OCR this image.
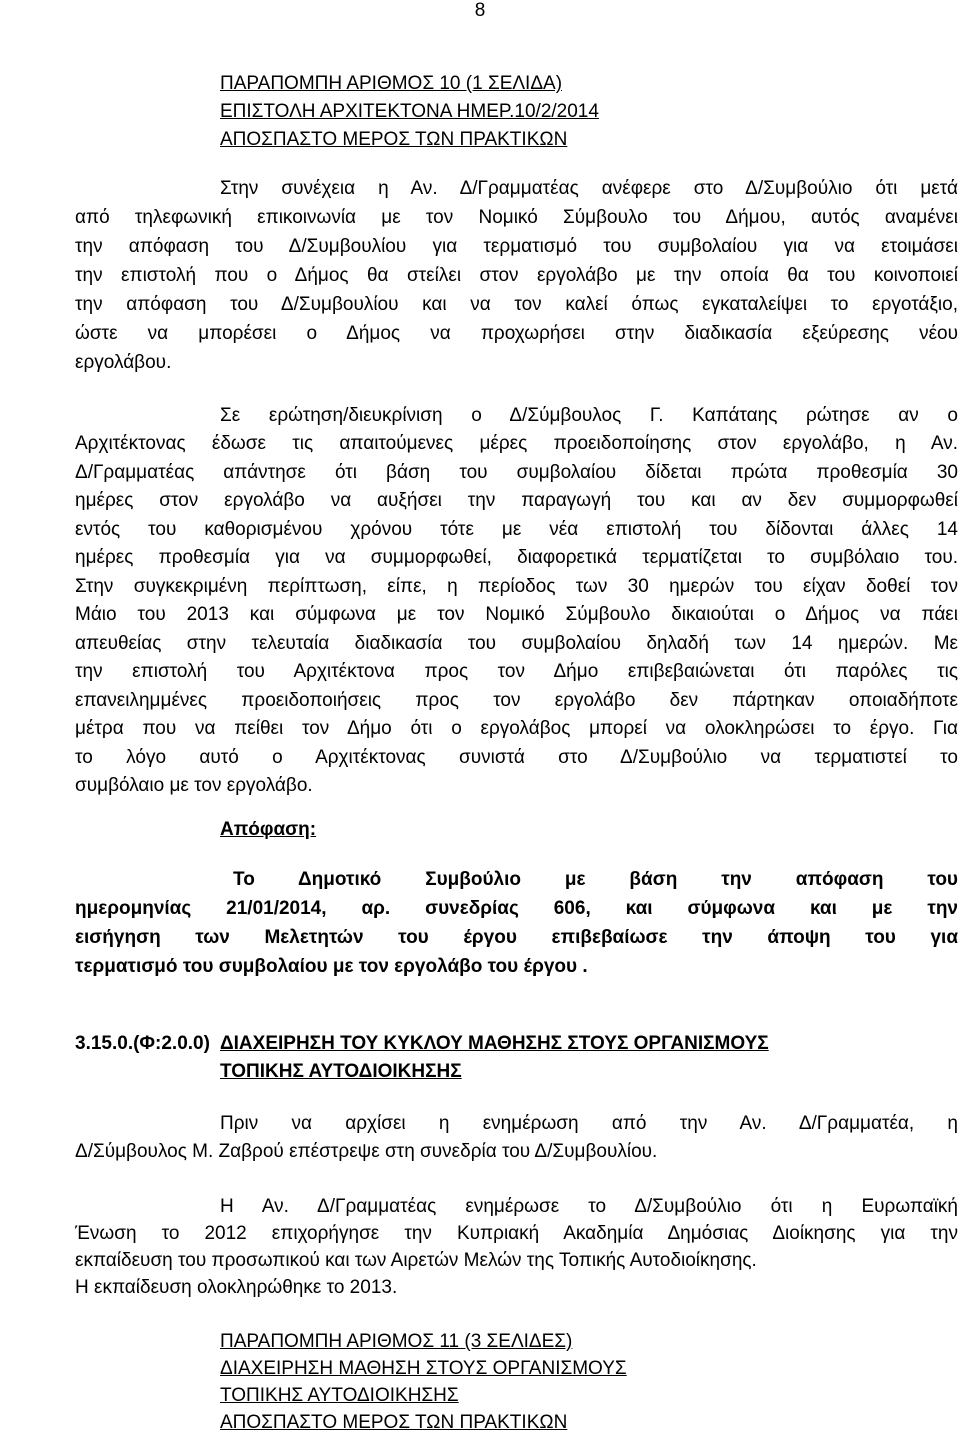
8
ΠΑΡΑΠΟΜΠΗ ΑΡΙΘΜΟΣ 10 (1 ΣΕΛΙΔΑ)
ΕΠΙΣΤΟΛΗ ΑΡΧΙΤΕΚΤΟΝΑ ΗΜΕΡ.10/2/2014
ΑΠΟΣΠΑΣΤΟ ΜΕΡΟΣ ΤΩΝ ΠΡΑΚΤΙΚΩΝ
Στην συνέχεια η Αν. Δ/Γραμματέας ανέφερε στο Δ/Συμβούλιο ότι μετά
από τηλεφωνική επικοινωνία με τον Νομικό Σύμβουλο του Δήμου, αυτός αναμένει
την απόφαση του Δ/Συμβουλίου για τερματισμό του συμβολαίου για να ετοιμάσει
την επιστολή που ο Δήμος θα στείλει στον εργολάβο με την οποία θα του κοινοποιεί
την απόφαση του Δ/Συμβουλίου και να τον καλεί όπως εγκαταλείψει το εργοτάξιο,
ώστε να μπορέσει ο Δήμος να προχωρήσει στην διαδικασία εξεύρεσης νέου
εργολάβου.
Σε ερώτηση/διευκρίνιση ο Δ/Σύμβουλος Γ. Καπάταης ρώτησε αν ο
Αρχιτέκτονας έδωσε τις απαιτούμενες μέρες προειδοποίησης στον εργολάβο, η Αν.
Δ/Γραμματέας απάντησε ότι βάση του συμβολαίου δίδεται πρώτα προθεσμία 30
ημέρες στον εργολάβο να αυξήσει την παραγωγή του και αν δεν συμμορφωθεί
εντός του καθορισμένου χρόνου τότε με νέα επιστολή του δίδονται άλλες 14
ημέρες προθεσμία για να συμμορφωθεί, διαφορετικά τερματίζεται το συμβόλαιο του.
Στην συγκεκριμένη περίπτωση, είπε, η περίοδος των 30 ημερών του είχαν δοθεί τον
Μάιο του 2013 και σύμφωνα με τον Νομικό Σύμβουλο δικαιούται ο Δήμος να πάει
απευθείας στην τελευταία διαδικασία του συμβολαίου δηλαδή των 14 ημερών. Με
την επιστολή του Αρχιτέκτονα προς τον Δήμο επιβεβαιώνεται ότι παρόλες τις
επανειλημμένες προειδοποιήσεις προς τον εργολάβο δεν πάρτηκαν οποιαδήποτε
μέτρα που να πείθει τον Δήμο ότι ο εργολάβος μπορεί να ολοκληρώσει το έργο. Για
το λόγο αυτό ο Αρχιτέκτονας συνιστά στο Δ/Συμβούλιο να τερματιστεί το
συμβόλαιο με τον εργολάβο.
Απόφαση:
Το Δημοτικό Συμβούλιο με βάση την απόφαση του
ημερομηνίας 21/01/2014, αρ. συνεδρίας 606, και σύμφωνα και με την
εισήγηση των Μελετητών του έργου επιβεβαίωσε την άποψη του για
τερματισμό του συμβολαίου με τον εργολάβο του έργου .
3.15.0.(Φ:2.0.0) ΔΙΑΧΕΙΡΗΣΗ ΤΟΥ ΚΥΚΛΟΥ ΜΑΘΗΣΗΣ ΣΤΟΥΣ ΟΡΓΑΝΙΣΜΟΥΣ
ΤΟΠΙΚΗΣ ΑΥΤΟΔΙΟΙΚΗΣΗΣ
Πριν να αρχίσει η ενημέρωση από την Αν. Δ/Γραμματέα, η
Δ/Σύμβουλος Μ. Ζαβρού επέστρεψε στη συνεδρία του Δ/Συμβουλίου.
Η Αν. Δ/Γραμματέας ενημέρωσε το Δ/Συμβούλιο ότι η Ευρωπαϊκή
Ένωση το 2012 επιχορήγησε την Κυπριακή Ακαδημία Δημόσιας Διοίκησης για την
εκπαίδευση του προσωπικού και των Αιρετών Μελών της Τοπικής Αυτοδιοίκησης.
Η εκπαίδευση ολοκληρώθηκε το 2013.
ΠΑΡΑΠΟΜΠΗ ΑΡΙΘΜΟΣ 11 (3 ΣΕΛΙΔΕΣ)
ΔΙΑΧΕΙΡΗΣΗ ΜΑΘΗΣΗ ΣΤΟΥΣ ΟΡΓΑΝΙΣΜΟΥΣ
ΤΟΠΙΚΗΣ ΑΥΤΟΔΙΟΙΚΗΣΗΣ
ΑΠΟΣΠΑΣΤΟ ΜΕΡΟΣ ΤΩΝ ΠΡΑΚΤΙΚΩΝ
